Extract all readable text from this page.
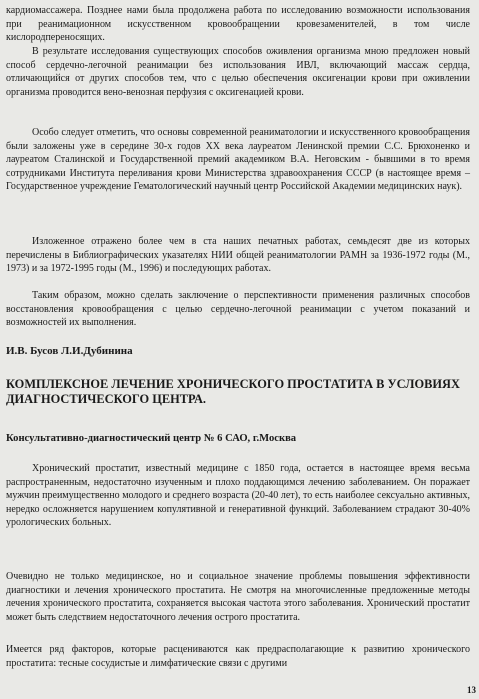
кардиомассажера. Позднее нами была продолжена работа по исследованию возможности использования при реанимационном искусственном кровообращении кровезаменителей, в том числе кислородпереносящих.

В результате исследования существующих способов оживления организма мною предложен новый способ сердечно-легочной реанимации без использования ИВЛ, включающий массаж сердца, отличающийся от других способов тем, что с целью обеспечения оксигенации крови при оживлении организма проводится вено-венозная перфузия с оксигенацией крови.

Особо следует отметить, что основы современной реаниматологии и искусственного кровообращения были заложены уже в середине 30-х годов XX века лауреатом Ленинской премии С.С. Брюхоненко и лауреатом Сталинской и Государственной премий академиком В.А. Неговским - бывшими в то время сотрудниками Института переливания крови Министерства здравоохранения СССР (в настоящее время – Государственное учреждение Гематологический научный центр Российской Академии медицинских наук).

Изложенное отражено более чем в ста наших печатных работах, семьдесят две из которых перечислены в Библиографических указателях НИИ общей реаниматологии РАМН за 1936-1972 годы (М., 1973) и за 1972-1995 годы (М., 1996) и последующих работах.

Таким образом, можно сделать заключение о перспективности применения различных способов восстановления кровообращения с целью сердечно-легочной реанимации с учетом показаний и возможностей их выполнения.

И.В. Бусов Л.И.Дубинина

КОМПЛЕКСНОЕ ЛЕЧЕНИЕ ХРОНИЧЕСКОГО ПРОСТАТИТА В УСЛОВИЯХ ДИАГНОСТИЧЕСКОГО ЦЕНТРА.

Консультативно-диагностический центр № 6 САО, г.Москва

Хронический простатит, известный медицине с 1850 года, остается в настоящее время весьма распространенным, недостаточно изученным и плохо поддающимся лечению заболеванием. Он поражает мужчин преимущественно молодого и среднего возраста (20-40 лет), то есть наиболее сексуально активных, нередко осложняется нарушением копулятивной и генеративной функций. Заболеванием страдают 30-40% урологических больных.

Очевидно не только медицинское, но и социальное значение проблемы повышения эффективности диагностики и лечения хронического простатита. Не смотря на многочисленные предложенные методы лечения хронического простатита, сохраняется высокая частота этого заболевания. Хронический простатит может быть следствием недостаточного лечения острого простатита.

Имеется ряд факторов, которые расцениваются как предрасполагающие к развитию хронического простатита: тесные сосудистые и лимфатические связи с другими

13
